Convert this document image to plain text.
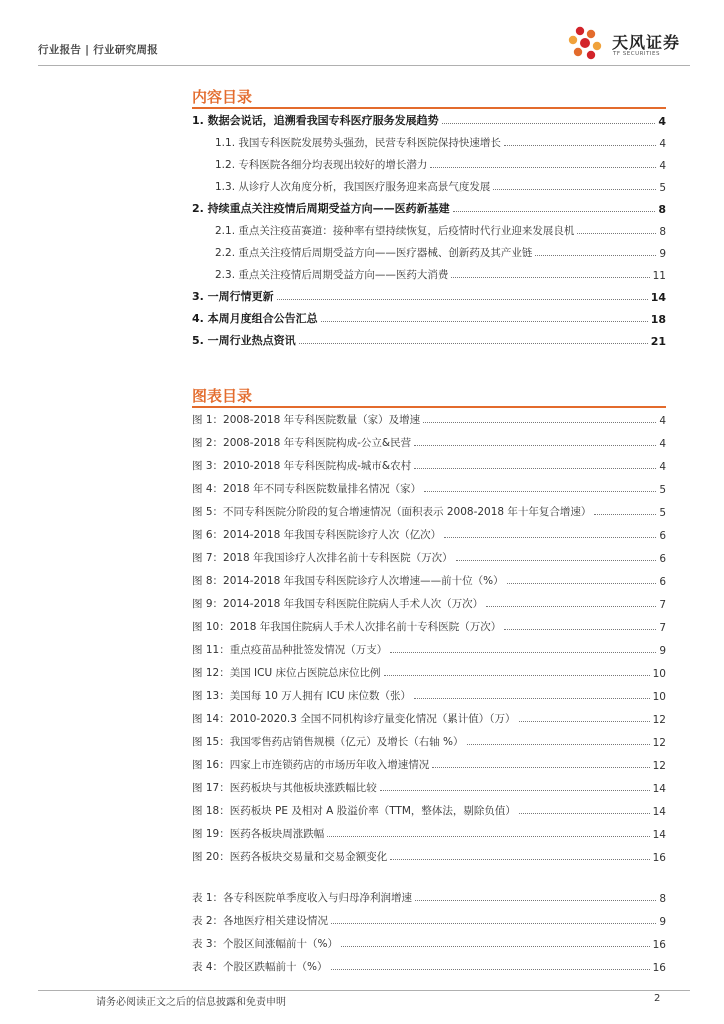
行业报告 | 行业研究周报	天风证券
TF SECURITIES
内容目录
1. 数据会说话，追溯看我国专科医疗服务发展趋势	4
1.1. 我国专科医院发展势头强劲，民营专科医院保持快速增长	4
1.2. 专科医院各细分均表现出较好的增长潜力	4
1.3. 从诊疗人次角度分析，我国医疗服务迎来高景气度发展	5
2. 持续重点关注疫情后周期受益方向——医药新基建	8
2.1. 重点关注疫苗赛道：接种率有望持续恢复，后疫情时代行业迎来发展良机	8
2.2. 重点关注疫情后周期受益方向——医疗器械、创新药及其产业链	9
2.3. 重点关注疫情后周期受益方向——医药大消费	11
3. 一周行情更新	14
4. 本周月度组合公告汇总	18
5. 一周行业热点资讯	21
图表目录
图 1：2008-2018 年专科医院数量（家）及增速	4
图 2：2008-2018 年专科医院构成-公立&民营	4
图 3：2010-2018 年专科医院构成-城市&农村	4
图 4：2018 年不同专科医院数量排名情况（家）	5
图 5：不同专科医院分阶段的复合增速情况（面积表示 2008-2018 年十年复合增速）	5
图 6：2014-2018 年我国专科医院诊疗人次（亿次）	6
图 7：2018 年我国诊疗人次排名前十专科医院（万次）	6
图 8：2014-2018 年我国专科医院诊疗人次增速——前十位（%）	6
图 9：2014-2018 年我国专科医院住院病人手术人次（万次）	7
图 10：2018 年我国住院病人手术人次排名前十专科医院（万次）	7
图 11：重点疫苗品种批签发情况（万支）	9
图 12：美国 ICU 床位占医院总床位比例	10
图 13：美国每 10 万人拥有 ICU 床位数（张）	10
图 14：2010-2020.3 全国不同机构诊疗量变化情况（累计值）（万）	12
图 15：我国零售药店销售规模（亿元）及增长（右轴 %）	12
图 16：四家上市连锁药店的市场历年收入增速情况	12
图 17：医药板块与其他板块涨跌幅比较	14
图 18：医药板块 PE 及相对 A 股溢价率（TTM，整体法，剔除负值）	14
图 19：医药各板块周涨跌幅	14
图 20：医药各板块交易量和交易金额变化	16
表 1：各专科医院单季度收入与归母净利润增速	8
表 2：各地医疗相关建设情况	9
表 3：个股区间涨幅前十（%）	16
表 4：个股区跌幅前十（%）	16
请务必阅读正文之后的信息披露和免责申明	2
